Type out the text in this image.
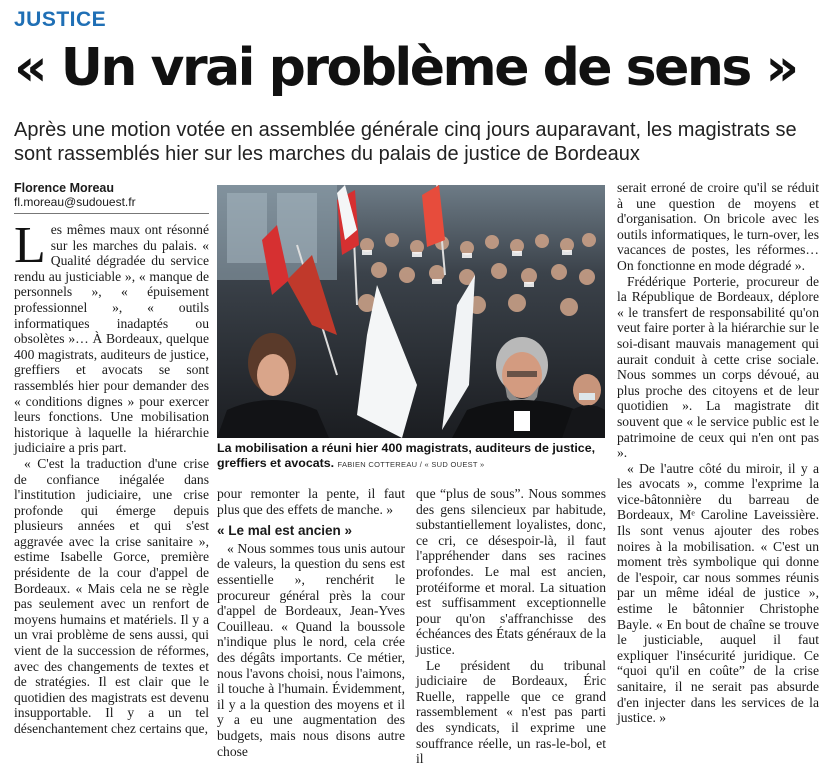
JUSTICE
« Un vrai problème de sens »
Après une motion votée en assemblée générale cinq jours auparavant, les magistrats se sont rassemblés hier sur les marches du palais de justice de Bordeaux
Florence Moreau
fl.moreau@sudouest.fr

Les mêmes maux ont résonné sur les marches du palais. « Qualité dégradée du service rendu au justiciable », « manque de personnels », « épuisement professionnel », « outils informatiques inadaptés ou obsolètes »… À Bordeaux, quelque 400 magistrats, auditeurs de justice, greffiers et avocats se sont rassemblés hier pour demander des « conditions dignes » pour exercer leurs fonctions. Une mobilisation historique à laquelle la hiérarchie judiciaire a pris part.

« C'est la traduction d'une crise de confiance inégalée dans l'institution judiciaire, une crise profonde qui émerge depuis plusieurs années et qui s'est aggravée avec la crise sanitaire », estime Isabelle Gorce, première présidente de la cour d'appel de Bordeaux. « Mais cela ne se règle pas seulement avec un renfort de moyens humains et matériels. Il y a un vrai problème de sens aussi, qui vient de la succession de réformes, avec des changements de textes et de stratégies. Il est clair que le quotidien des magistrats est devenu insupportable. Il y a un tel désenchantement chez certains que,

La mobilisation a réuni hier 400 magistrats, auditeurs de justice, greffiers et avocats. FABIEN COTTEREAU / « SUD OUEST »

pour remonter la pente, il faut plus que des effets de manche. »

« Le mal est ancien »

« Nous sommes tous unis autour de valeurs, la question du sens est essentielle », renchérit le procureur général près la cour d'appel de Bordeaux, Jean-Yves Couilleau. « Quand la boussole n'indique plus le nord, cela crée des dégâts importants. Ce métier, nous l'avons choisi, nous l'aimons, il touche à l'humain. Évidemment, il y a la question des moyens et il y a eu une augmentation des budgets, mais nous disons autre chose

que “plus de sous”. Nous sommes des gens silencieux par habitude, substantiellement loyalistes, donc, ce cri, ce désespoir-là, il faut l'appréhender dans ses racines profondes. Le mal est ancien, protéiforme et moral. La situation est suffisamment exceptionnelle pour qu'on s'affranchisse des échéances des États généraux de la justice.

Le président du tribunal judiciaire de Bordeaux, Éric Ruelle, rappelle que ce grand rassemblement « n'est pas parti des syndicats, il exprime une souffrance réelle, un ras-le-bol, et il

serait erroné de croire qu'il se réduit à une question de moyens et d'organisation. On bricole avec les outils informatiques, le turn-over, les vacances de postes, les réformes… On fonctionne en mode dégradé ».

Frédérique Porterie, procureur de la République de Bordeaux, déplore « le transfert de responsabilité qu'on veut faire porter à la hiérarchie sur le soi-disant mauvais management qui aurait conduit à cette crise sociale. Nous sommes un corps dévoué, au plus proche des citoyens et de leur quotidien ». La magistrate dit souvent que « le service public est le patrimoine de ceux qui n'en ont pas ».

« De l'autre côté du miroir, il y a les avocats », comme l'exprime la vice-bâtonnière du barreau de Bordeaux, Mᵉ Caroline Laveissière. Ils sont venus ajouter des robes noires à la mobilisation. « C'est un moment très symbolique qui donne de l'espoir, car nous sommes réunis par un même idéal de justice », estime le bâtonnier Christophe Bayle. « En bout de chaîne se trouve le justiciable, auquel il faut expliquer l'insécurité juridique. Ce “quoi qu'il en coûte” de la crise sanitaire, il ne serait pas absurde d'en injecter dans les services de la justice. »
